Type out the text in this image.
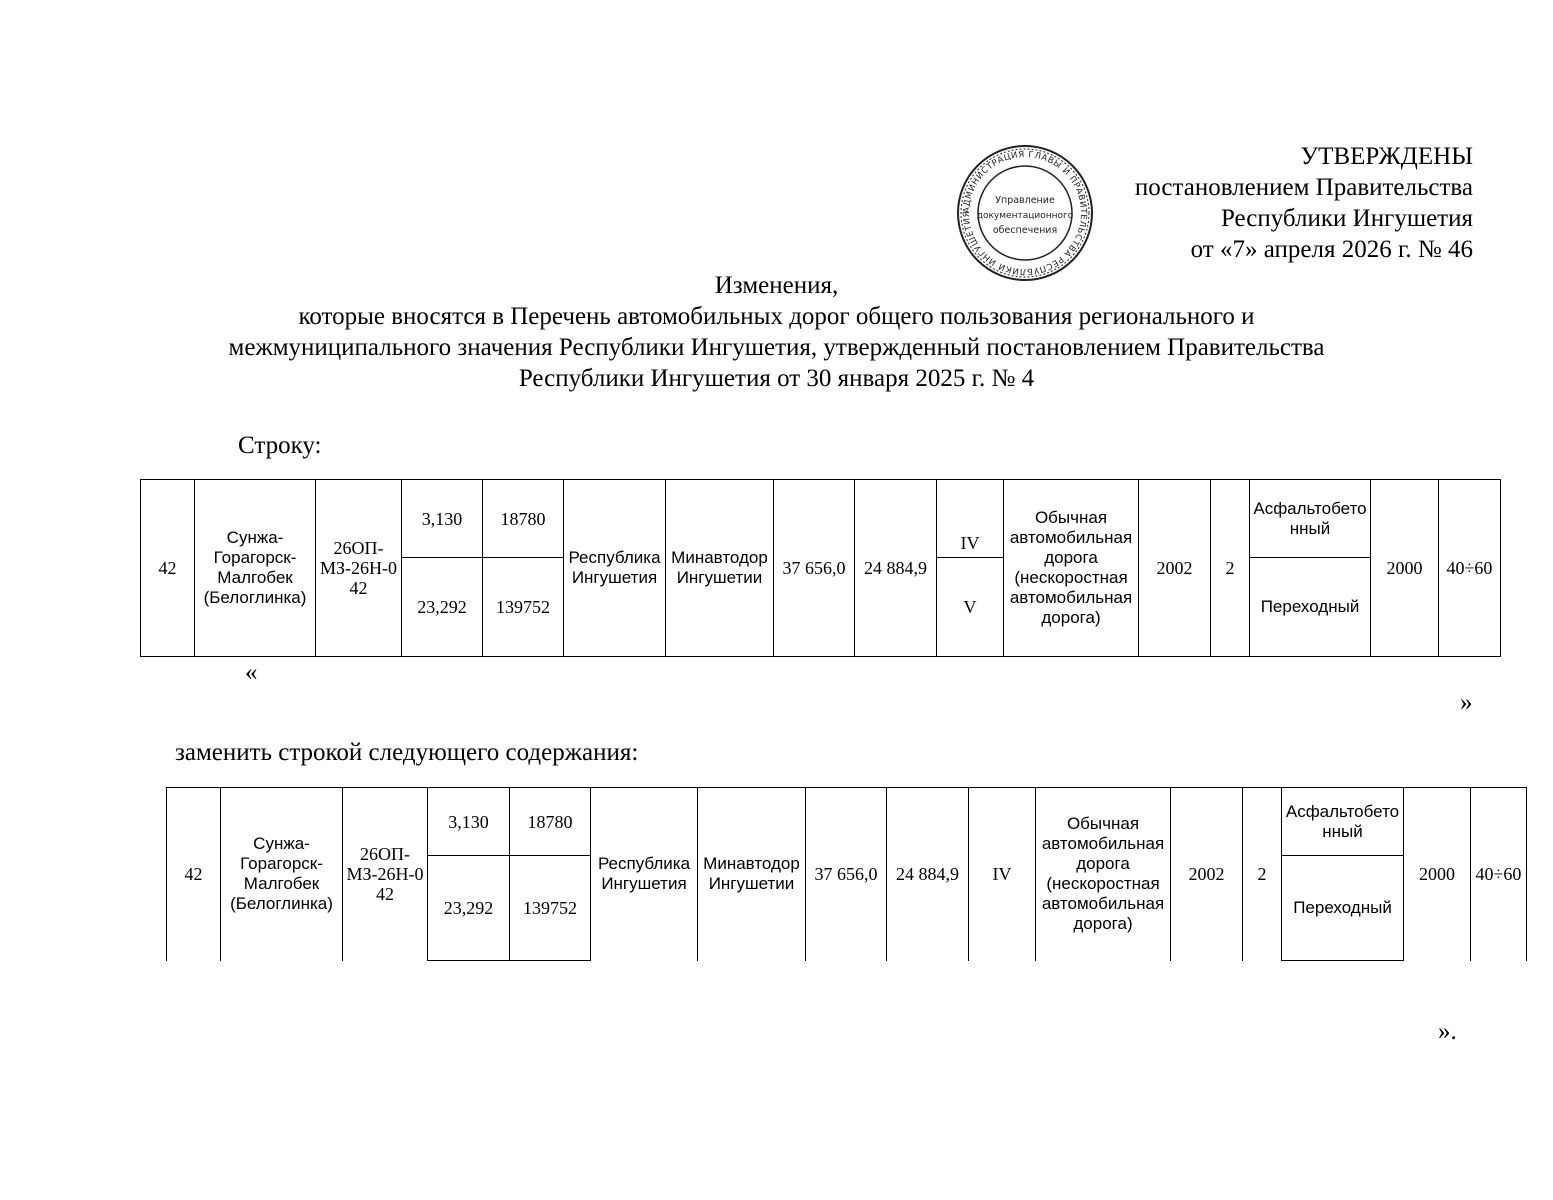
АДМИНИСТРАЦИЯ ГЛАВЫ И ПРАВИТЕЛЬСТВА РЕСПУБЛИКИ ИНГУШЕТИЯ
Управление
документационного
обеспечения
УТВЕРЖДЕНЫ
постановлением Правительства
Республики Ингушетия
от «7» апреля 2026 г. № 46
Изменения,
которые вносятся в Перечень автомобильных дорог общего пользования регионального и
межмуниципального значения Республики Ингушетия, утвержденный постановлением Правительства
Республики Ингушетия от 30 января 2025 г. № 4
Строку:
42	Сунжа-Горагорск-Малгобек (Белоглинка)	26ОП-МЗ-26Н-042	3,130	18780	Республика Ингушетия	Минавтодор Ингушетии	37 656,0	24 884,9	IV	Обычная автомобильная дорога (нескоростная автомобильная дорога)	2002	2	Асфальтобетонный	2000	40÷60
			23,292	139752					V				Переходный		
«
»
заменить строкой следующего содержания:
42	Сунжа-Горагорск-Малгобек (Белоглинка)	26ОП-МЗ-26Н-042	3,130	18780	Республика Ингушетия	Минавтодор Ингушетии	37 656,0	24 884,9	IV	Обычная автомобильная дорога (нескоростная автомобильная дорога)	2002	2	Асфальтобетонный	2000	40÷60
			23,292	139752									Переходный		
».
